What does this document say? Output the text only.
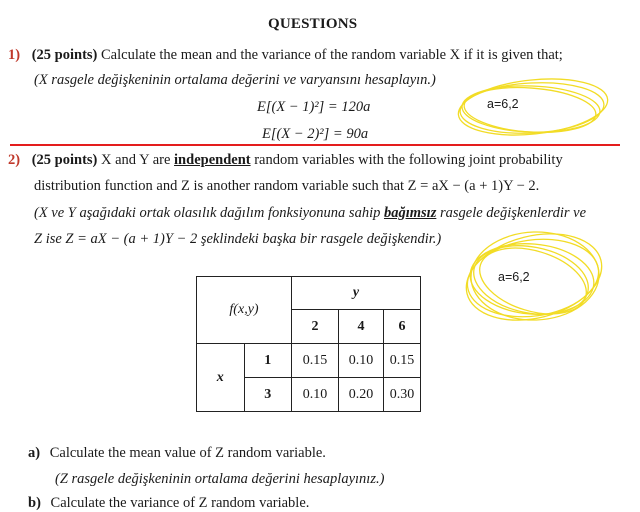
QUESTIONS
1) (25 points) Calculate the mean and the variance of the random variable X if it is given that;
(X rasgele değişkeninin ortalama değerini ve varyansını hesaplayın.)
E[(X − 1)²] = 120a
E[(X − 2)²] = 90a
a=6,2
2) (25 points) X and Y are independent random variables with the following joint probability
distribution function and Z is another random variable such that Z = aX − (a + 1)Y − 2.
(X ve Y aşağıdaki ortak olasılık dağılım fonksiyonuna sahip bağımsız rasgele değişkenlerdir ve
Z ise Z = aX − (a + 1)Y − 2 şeklindeki başka bir rasgele değişkendir.)
a=6,2
f(x,y)		y		
		2	4	6
x	1	0.15	0.10	0.15
	3	0.10	0.20	0.30
a) Calculate the mean value of Z random variable.
(Z rasgele değişkeninin ortalama değerini hesaplayınız.)
b) Calculate the variance of Z random variable.
